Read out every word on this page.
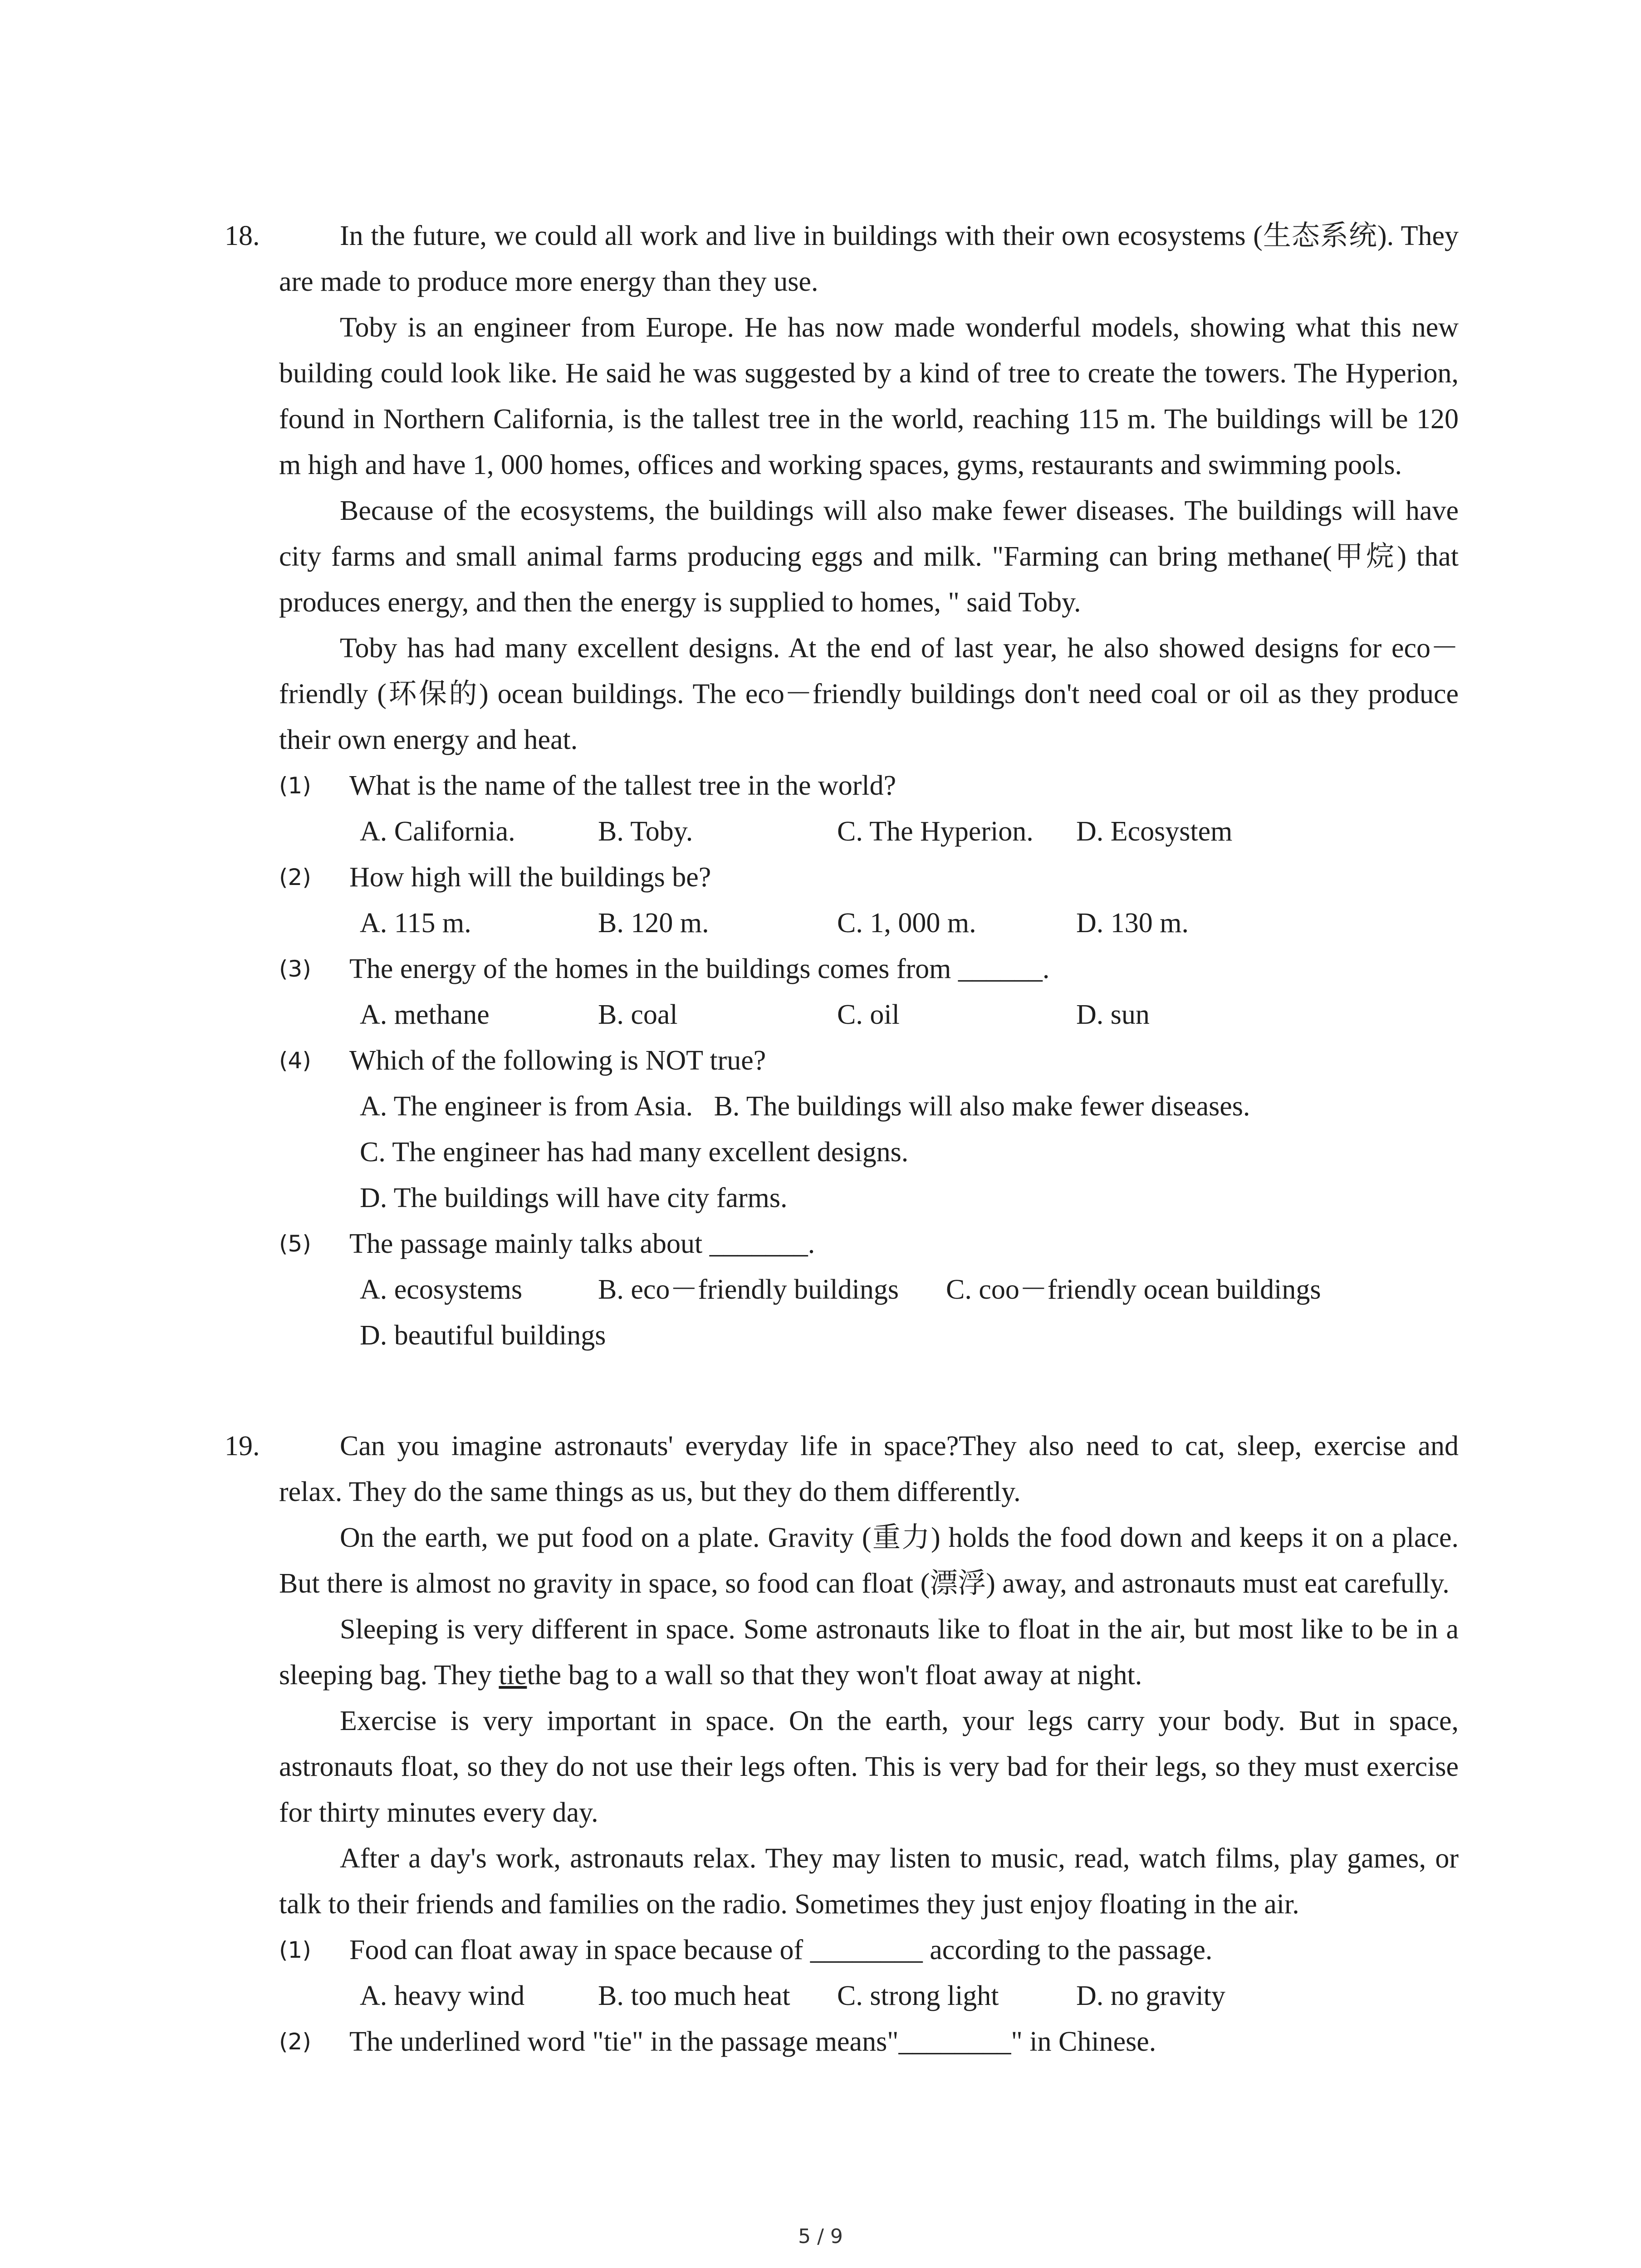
18.	In the future, we could all work and live in buildings with their own ecosystems (生态系统). They are made to produce more energy than they use.
Toby is an engineer from Europe. He has now made wonderful models, showing what this new building could look like. He said he was suggested by a kind of tree to create the towers. The Hyperion, found in Northern California, is the tallest tree in the world, reaching 115 m. The buildings will be 120 m high and have 1, 000 homes, offices and working spaces, gyms, restaurants and swimming pools.
Because of the ecosystems, the buildings will also make fewer diseases. The buildings will have city farms and small animal farms producing eggs and milk. "Farming can bring methane(甲烷) that produces energy, and then the energy is supplied to homes, " said Toby.
Toby has had many excellent designs. At the end of last year, he also showed designs for eco－friendly (环保的) ocean buildings. The eco－friendly buildings don't need coal or oil as they produce their own energy and heat.
(1) What is the name of the tallest tree in the world?
A. California.	B. Toby.	C. The Hyperion.	D. Ecosystem
(2) How high will the buildings be?
A. 115 m.	B. 120 m.	C. 1, 000 m.	D. 130 m.
(3) The energy of the homes in the buildings comes from ______.
A. methane	B. coal	C. oil	D. sun
(4) Which of the following is NOT true?
A. The engineer is from Asia. B. The buildings will also make fewer diseases.
C. The engineer has had many excellent designs.
D. The buildings will have city farms.
(5) The passage mainly talks about _______.
A. ecosystems	B. eco－friendly buildings	C. coo－friendly ocean buildings
D. beautiful buildings
19.	Can you imagine astronauts' everyday life in space?They also need to cat, sleep, exercise and relax. They do the same things as us, but they do them differently.
On the earth, we put food on a plate. Gravity (重力) holds the food down and keeps it on a place. But there is almost no gravity in space, so food can float (漂浮) away, and astronauts must eat carefully.
Sleeping is very different in space. Some astronauts like to float in the air, but most like to be in a sleeping bag. They tiethe bag to a wall so that they won't float away at night.
Exercise is very important in space. On the earth, your legs carry your body. But in space, astronauts float, so they do not use their legs often. This is very bad for their legs, so they must exercise for thirty minutes every day.
After a day's work, astronauts relax. They may listen to music, read, watch films, play games, or talk to their friends and families on the radio. Sometimes they just enjoy floating in the air.
(1) Food can float away in space because of ________ according to the passage.
A. heavy wind	B. too much heat	C. strong light	D. no gravity
(2) The underlined word "tie" in the passage means"________" in Chinese.
5 / 9
